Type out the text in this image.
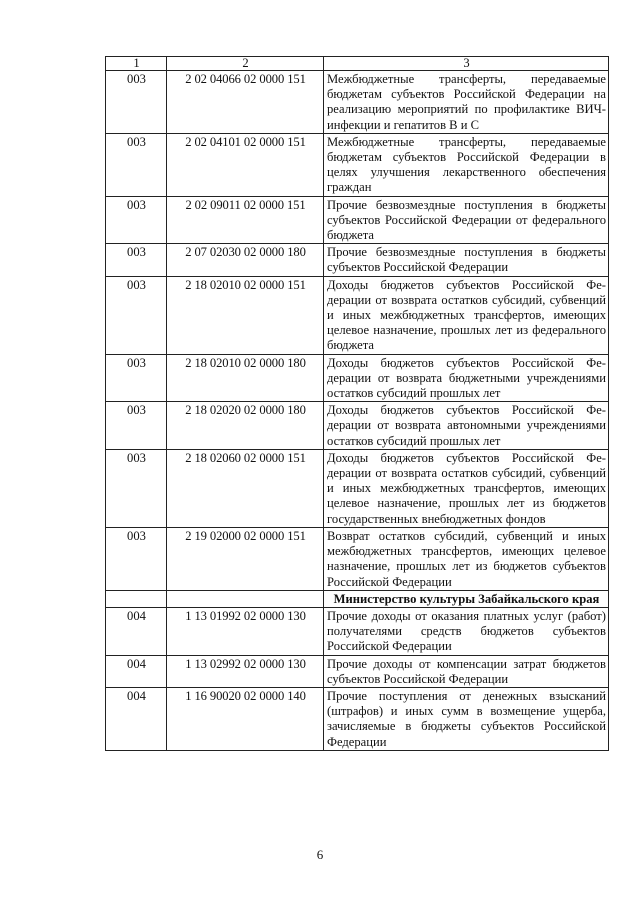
1	2	3
003	2 02 04066 02 0000 151	Межбюджетные трансферты, передаваемые бюджетам субъектов Российской Федерации на реализацию мероприятий по профилактике ВИЧ-инфекции и гепатитов В и С
003	2 02 04101 02 0000 151	Межбюджетные трансферты, передаваемые бюджетам субъектов Российской Федерации в целях улучшения лекарственного обеспечения граждан
003	2 02 09011 02 0000 151	Прочие безвозмездные поступления в бюджеты субъектов Российской Федерации от федерального бюджета
003	2 07 02030 02 0000 180	Прочие безвозмездные поступления в бюджеты субъектов Российской Федерации
003	2 18 02010 02 0000 151	Доходы бюджетов субъектов Российской Федерации от возврата остатков субсидий, субвенций и иных межбюджетных трансфертов, имеющих целевое назначение, прошлых лет из федерального бюджета
003	2 18 02010 02 0000 180	Доходы бюджетов субъектов Российской Федерации от возврата бюджетными учреждениями остатков субсидий прошлых лет
003	2 18 02020 02 0000 180	Доходы бюджетов субъектов Российской Федерации от возврата автономными учреждениями остатков субсидий прошлых лет
003	2 18 02060 02 0000 151	Доходы бюджетов субъектов Российской Федерации от возврата остатков субсидий, субвенций и иных межбюджетных трансфертов, имеющих целевое назначение, прошлых лет из бюджетов государственных внебюджетных фондов
003	2 19 02000 02 0000 151	Возврат остатков субсидий, субвенций и иных межбюджетных трансфертов, имеющих целевое назначение, прошлых лет из бюджетов субъектов Российской Федерации
		Министерство культуры Забайкальского края
004	1 13 01992 02 0000 130	Прочие доходы от оказания платных услуг (работ) получателями средств бюджетов субъектов Российской Федерации
004	1 13 02992 02 0000 130	Прочие доходы от компенсации затрат бюджетов субъектов Российской Федерации
004	1 16 90020 02 0000 140	Прочие поступления от денежных взысканий (штрафов) и иных сумм в возмещение ущерба, зачисляемые в бюджеты субъектов Российской Федерации
6
